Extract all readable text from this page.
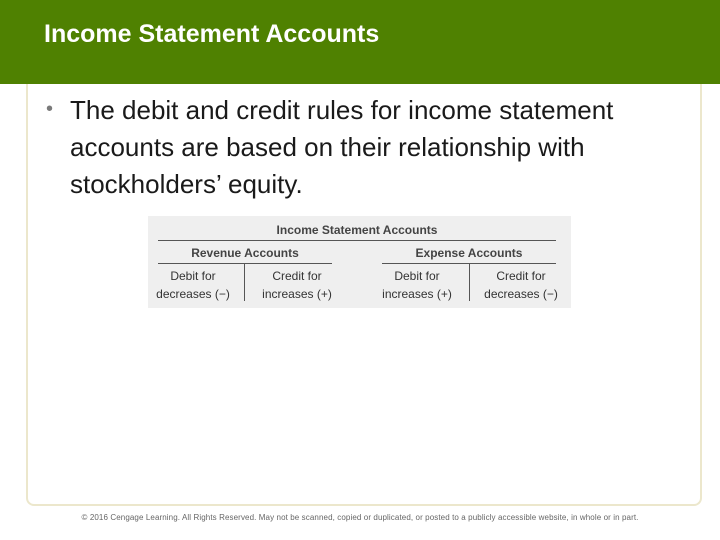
Income Statement Accounts
• The debit and credit rules for income statement accounts are based on their relationship with stockholders’ equity.
Income Statement Accounts
Revenue Accounts
Debit for
decreases (−)
Credit for
increases (+)
Expense Accounts
Debit for
increases (+)
Credit for
decreases (−)
© 2016 Cengage Learning. All Rights Reserved. May not be scanned, copied or duplicated, or posted to a publicly accessible website, in whole or in part.
